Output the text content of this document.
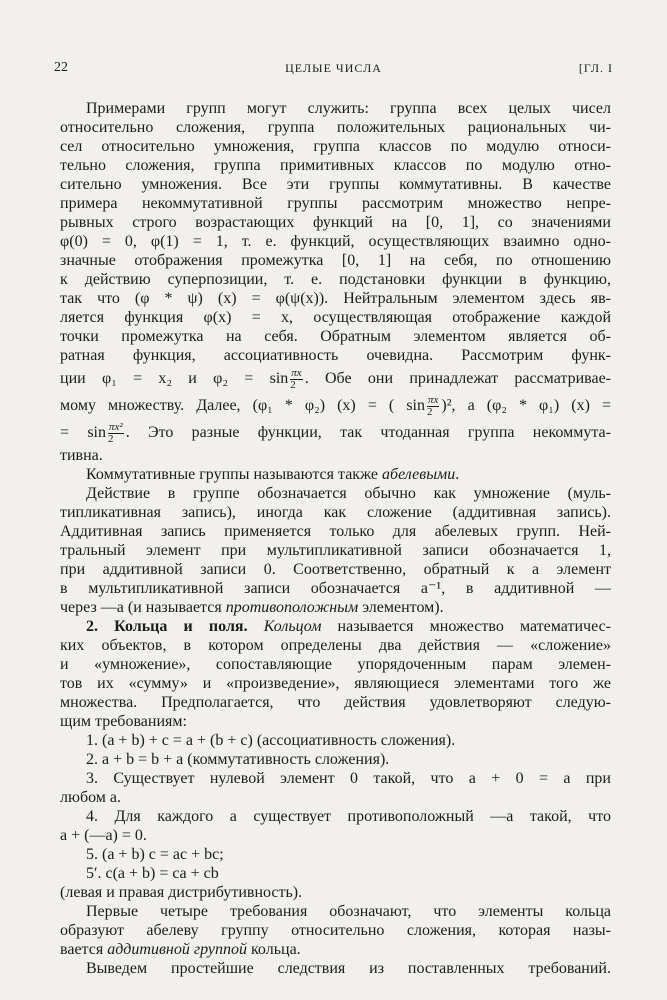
22	ЦЕЛЫЕ ЧИСЛА	[ГЛ. I
Примерами групп могут служить: группа всех целых чисел
относительно сложения, группа положительных рациональных чи-
сел относительно умножения, группа классов по модулю относи-
тельно сложения, группа примитивных классов по модулю отно-
сительно умножения. Все эти группы коммутативны. В качестве
примера некоммутативной группы рассмотрим множество непре-
рывных строго возрастающих функций на [0, 1], со значениями
φ(0) = 0, φ(1) = 1, т. е. функций, осуществляющих взаимно одно-
значные отображения промежутка [0, 1] на себя, по отношению
к действию суперпозиции, т. е. подстановки функции в функцию,
так что (φ * ψ) (x) = φ(ψ(x)). Нейтральным элементом здесь яв-
ляется функция φ(x) = x, осуществляющая отображение каждой
точки промежутка на себя. Обратным элементом является об-
ратная функция, ассоциативность очевидна. Рассмотрим функ-
ции φ₁ = x₂ и $\varphi_2 = \sin \frac{\pi x}{2}$ . Обе они принадлежат рассматривае-
мому множеству. Далее, (φ₁ * φ₂) (x) = ( $\sin \frac{\pi x}{2} )^2$, а (φ₂ * φ₁) (x) =
= $\sin \frac{\text{πx²}}{2}$ . Это разные функции, так чтоданная группа некоммута-
тивна.
Коммутативные группы называются также абелевыми.
Действие в группе обозначается обычно как умножение (муль-
типликативная запись), иногда как сложение (аддитивная запись).
Аддитивная запись применяется только для абелевых групп. Ней-
тральный элемент при мультипликативной записи обозначается 1,
при аддитивной записи 0. Соответственно, обратный к a элемент
в мультипликативной записи обозначается a⁻¹, в аддитивной —
через —a (и называется противоположным элементом).
2. Кольца и поля. Кольцом называется множество математичес-
ких объектов, в котором определены два действия — «сложение»
и «умножение», сопоставляющие упорядоченным парам элемен-
тов их «сумму» и «произведение», являющиеся элементами того же
множества. Предполагается, что действия удовлетворяют следую-
щим требованиям:
1. (a + b) + c = a + (b + c) (ассоциативность сложения).
2. a + b = b + a (коммутативность сложения).
3. Существует нулевой элемент 0 такой, что a + 0 = a при
любом a.
4. Для каждого a существует противоположный —a такой, что
a + (—a) = 0.
5. (a + b) c = ac + bc;
5′. c(a + b) = ca + cb
(левая и правая дистрибутивность).
Первые четыре требования обозначают, что элементы кольца
образуют абелеву группу относительно сложения, которая назы-
вается аддитивной группой кольца.
Выведем простейшие следствия из поставленных требований.
